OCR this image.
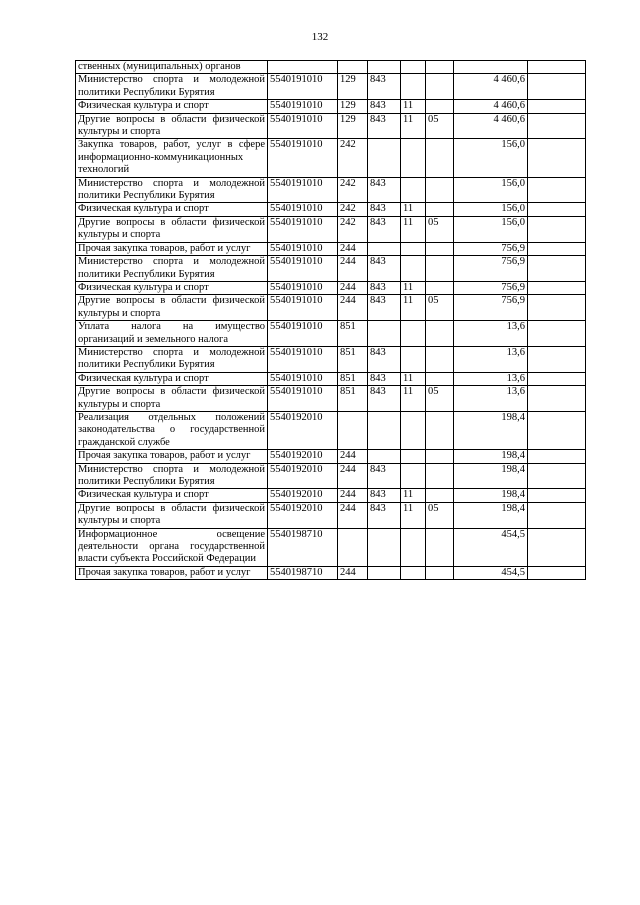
132
ственных (муниципальных) органов							
Министерство спорта и молодежной политики Республики Бурятия	5540191010	129	843			4 460,6	
Физическая культура и спорт	5540191010	129	843	11		4 460,6	
Другие вопросы в области физической культуры и спорта	5540191010	129	843	11	05	4 460,6	
Закупка товаров, работ, услуг в сфере информационно-коммуникационных технологий	5540191010	242				156,0	
Министерство спорта и молодежной политики Республики Бурятия	5540191010	242	843			156,0	
Физическая культура и спорт	5540191010	242	843	11		156,0	
Другие вопросы в области физической культуры и спорта	5540191010	242	843	11	05	156,0	
Прочая закупка товаров, работ и услуг	5540191010	244				756,9	
Министерство спорта и молодежной политики Республики Бурятия	5540191010	244	843			756,9	
Физическая культура и спорт	5540191010	244	843	11		756,9	
Другие вопросы в области физической культуры и спорта	5540191010	244	843	11	05	756,9	
Уплата налога на имущество организаций и земельного налога	5540191010	851				13,6	
Министерство спорта и молодежной политики Республики Бурятия	5540191010	851	843			13,6	
Физическая культура и спорт	5540191010	851	843	11		13,6	
Другие вопросы в области физической культуры и спорта	5540191010	851	843	11	05	13,6	
Реализация отдельных положений законодательства о государственной гражданской службе	5540192010					198,4	
Прочая закупка товаров, работ и услуг	5540192010	244				198,4	
Министерство спорта и молодежной политики Республики Бурятия	5540192010	244	843			198,4	
Физическая культура и спорт	5540192010	244	843	11		198,4	
Другие вопросы в области физической культуры и спорта	5540192010	244	843	11	05	198,4	
Информационное освещение деятельности органа государственной власти субъекта Российской Федерации	5540198710					454,5	
Прочая закупка товаров, работ и услуг	5540198710	244				454,5	
